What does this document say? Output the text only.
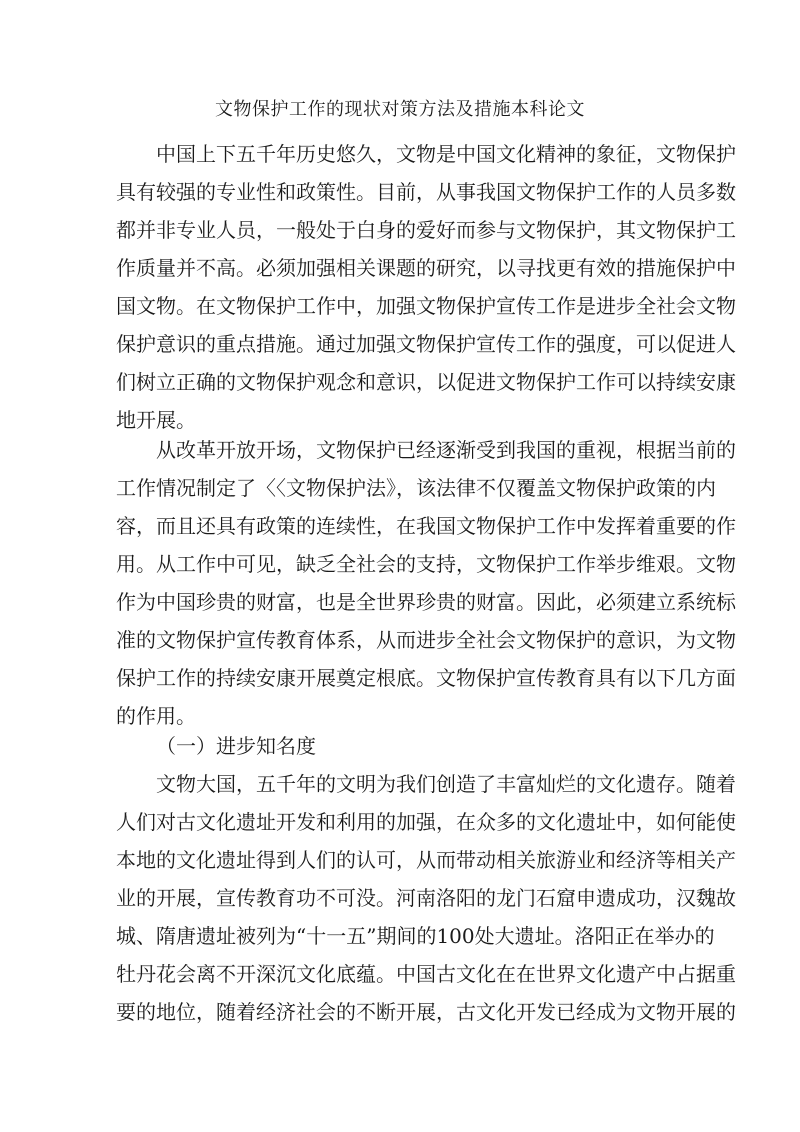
文物保护工作的现状对策方法及措施本科论文
中国上下五千年历史悠久，文物是中国文化精神的象征，文物保护
具有较强的专业性和政策性。目前，从事我国文物保护工作的人员多数
都并非专业人员，一般处于白身的爱好而参与文物保护，其文物保护工
作质量并不高。必须加强相关课题的研究，以寻找更有效的措施保护中
国文物。在文物保护工作中，加强文物保护宣传工作是进步全社会文物
保护意识的重点措施。通过加强文物保护宣传工作的强度，可以促进人
们树立正确的文物保护观念和意识，以促进文物保护工作可以持续安康
地开展。
从改革开放开场，文物保护已经逐渐受到我国的重视，根据当前的
工作情况制定了〈〈文物保护法》，该法律不仅覆盖文物保护政策的内
容，而且还具有政策的连续性，在我国文物保护工作中发挥着重要的作
用。从工作中可见，缺乏全社会的支持，文物保护工作举步维艰。文物
作为中国珍贵的财富，也是全世界珍贵的财富。因此，必须建立系统标
准的文物保护宣传教育体系，从而进步全社会文物保护的意识，为文物
保护工作的持续安康开展奠定根底。文物保护宣传教育具有以下几方面
的作用。
（一）进步知名度
文物大国，五千年的文明为我们创造了丰富灿烂的文化遗存。随着
人们对古文化遗址开发和利用的加强，在众多的文化遗址中，如何能使
本地的文化遗址得到人们的认可，从而带动相关旅游业和经济等相关产
业的开展，宣传教育功不可没。河南洛阳的龙门石窟申遗成功，汉魏故
城、隋唐遗址被列为“十一五”期间的100处大遗址。洛阳正在举办的
牡丹花会离不开深沉文化底蕴。中国古文化在在世界文化遗产中占据重
要的地位，随着经济社会的不断开展，古文化开发已经成为文物开展的
